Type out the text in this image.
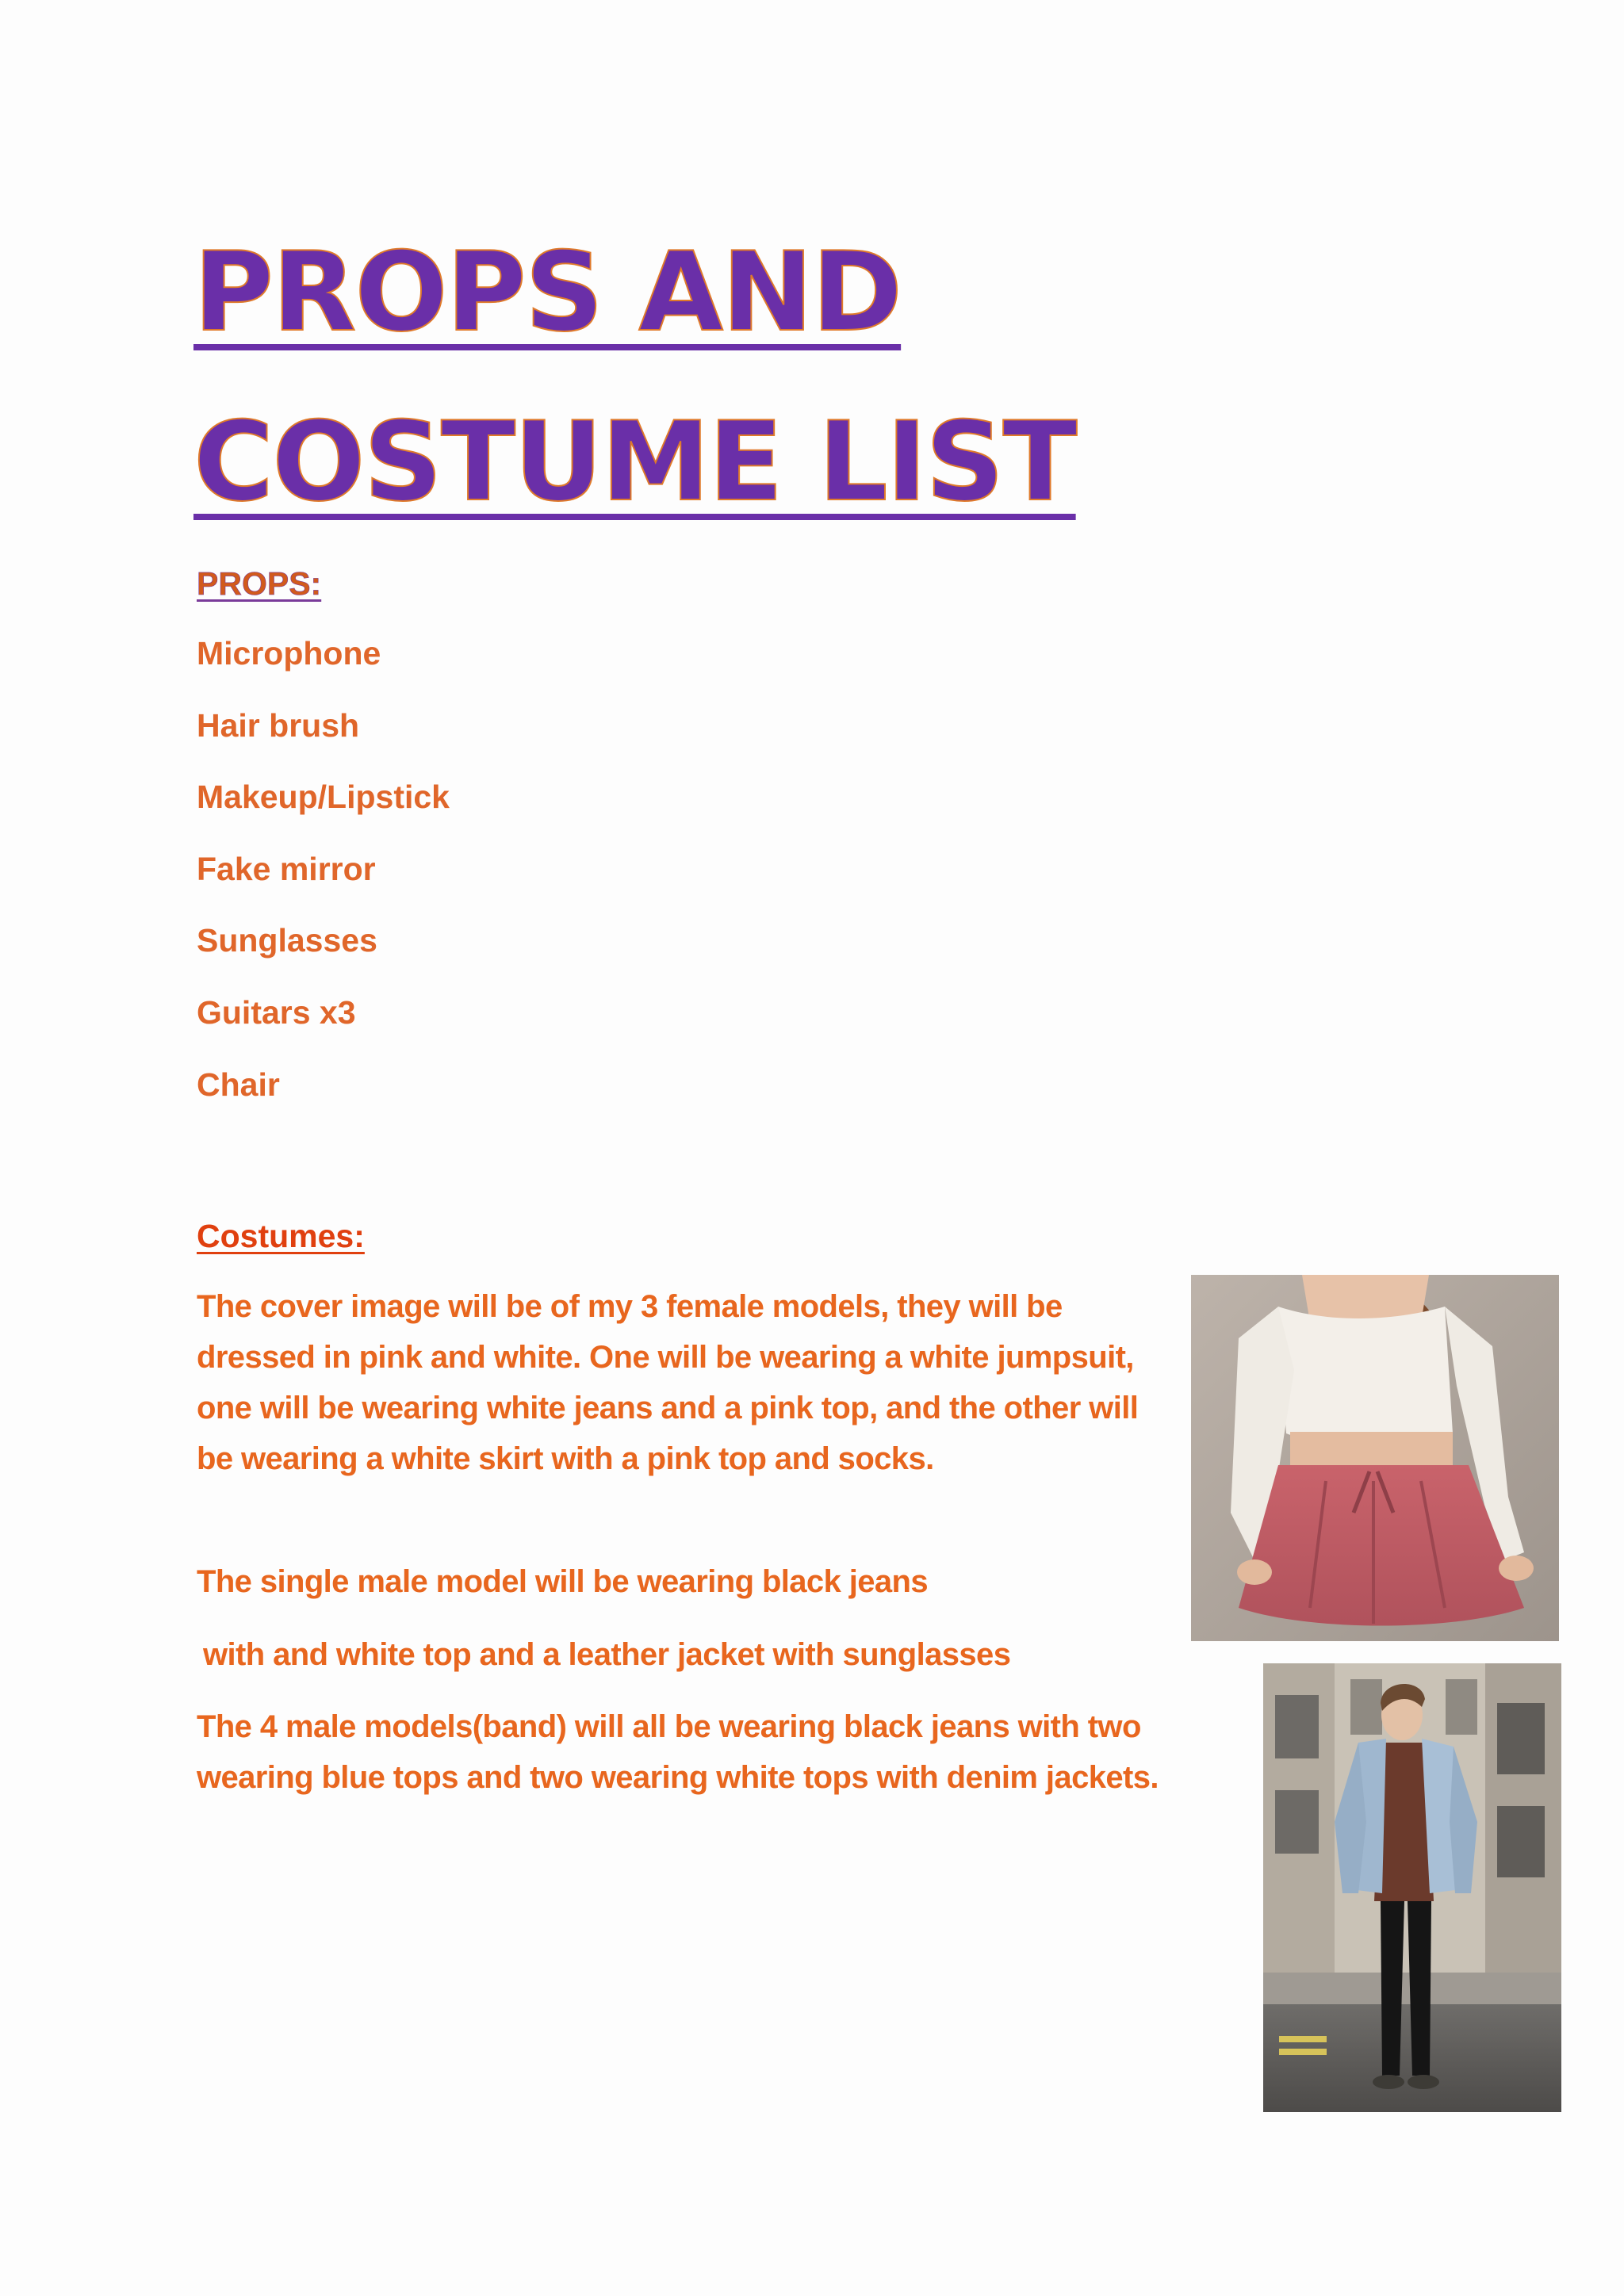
PROPS AND COSTUME LIST
PROPS:
Microphone
Hair brush
Makeup/Lipstick
Fake mirror
Sunglasses
Guitars x3
Chair
Costumes:

The cover image will be of my 3 female models, they will be dressed in pink and white. One will be wearing a white jumpsuit, one will be wearing white jeans and a pink top, and the other will be wearing a white skirt with a pink top and socks.

The single male model will be wearing black jeans

with and white top and a leather jacket with sunglasses

The 4 male models(band) will all be wearing black jeans with two wearing blue tops and two wearing white tops with denim jackets.
